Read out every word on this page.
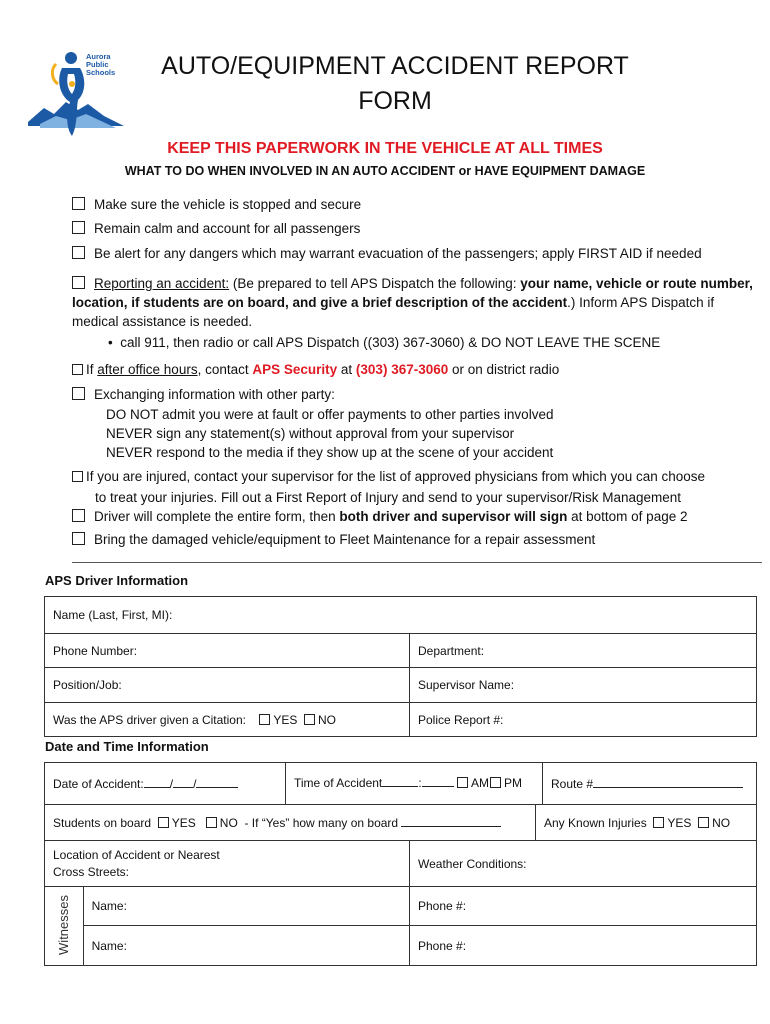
Aurora
Public
Schools	AUTO/EQUIPMENT ACCIDENT REPORT
FORM
KEEP THIS PAPERWORK IN THE VEHICLE AT ALL TIMES
WHAT TO DO WHEN INVOLVED IN AN AUTO ACCIDENT or HAVE EQUIPMENT DAMAGE
Make sure the vehicle is stopped and secure
Remain calm and account for all passengers
Be alert for any dangers which may warrant evacuation of the passengers; apply FIRST AID if needed
Reporting an accident: (Be prepared to tell APS Dispatch the following: your name, vehicle or route number, location, if students are on board, and give a brief description of the accident.) Inform APS Dispatch if medical assistance is needed.
• call 911, then radio or call APS Dispatch ((303) 367-3060) & DO NOT LEAVE THE SCENE
If after office hours, contact APS Security at (303) 367-3060 or on district radio
Exchanging information with other party:
DO NOT admit you were at fault or offer payments to other parties involved
NEVER sign any statement(s) without approval from your supervisor
NEVER respond to the media if they show up at the scene of your accident
If you are injured, contact your supervisor for the list of approved physicians from which you can choose
to treat your injuries. Fill out a First Report of Injury and send to your supervisor/Risk Management
Driver will complete the entire form, then both driver and supervisor will sign at bottom of page 2
Bring the damaged vehicle/equipment to Fleet Maintenance for a repair assessment
APS Driver Information
Name (Last, First, MI):	
Phone Number:	Department:
Position/Job:	Supervisor Name:
Was the APS driver given a Citation: YES NO	Police Report #:
Date and Time Information
Date of Accident: / /	Time of Accident	:	AM PM	Route #
Students on board YES NO - If “Yes” how many on board	Any Known Injuries YES NO
Location of Accident or Nearest
Cross Streets:		Weather Conditions:
Witnesses	Name:	Phone #:
	Name:	Phone #:
